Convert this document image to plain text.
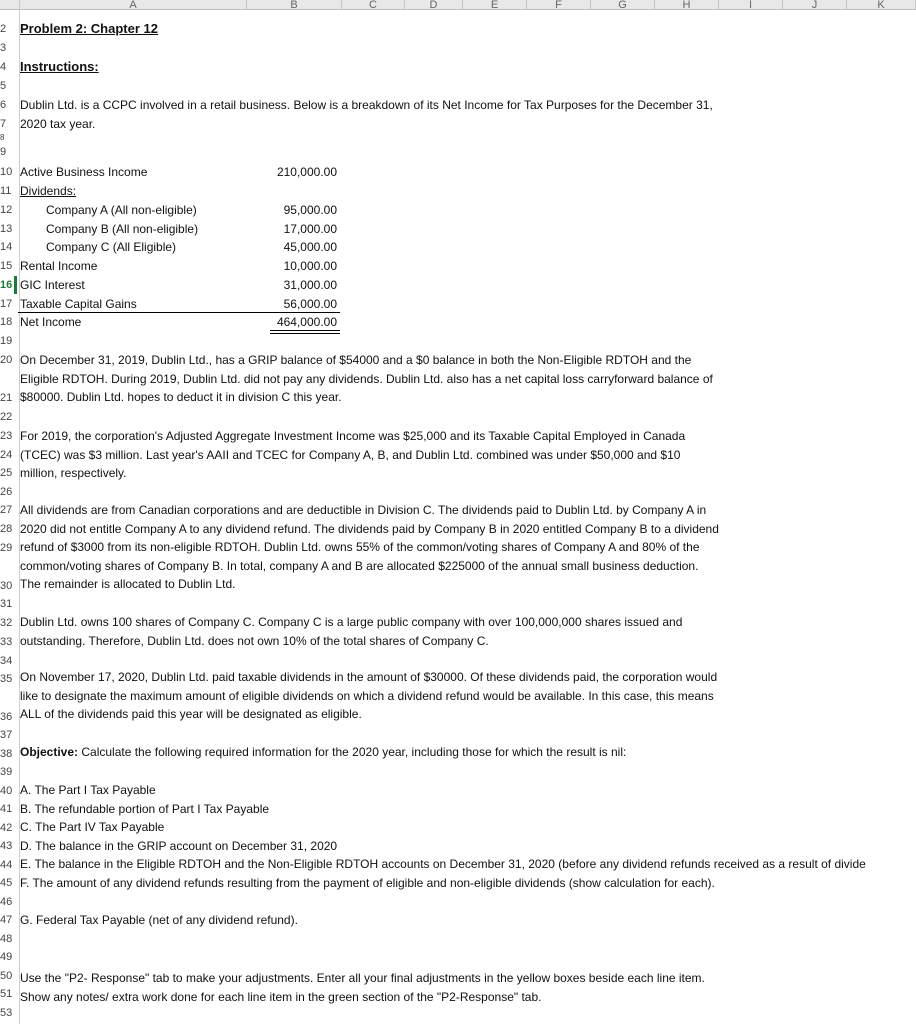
A	B	C	D	E	F	G	H	I	J	K
2
3
4
5
6
7
8
9
10
11
12
13
14
15
16
17
18
19
20
21
22
23
24
25
26
27
28
29
30
31
32
33
34
35
36
37
38
39
40
41
42
43
44
45
46
47
48
49
50
51
53
Problem 2: Chapter 12
Instructions:
Dublin Ltd. is a CCPC involved in a retail business. Below is a breakdown of its Net Income for Tax Purposes for the December 31, 2020 tax year.
Active Business Income	210,000.00
Dividends:
Company A (All non-eligible)	95,000.00
Company B (All non-eligible)	17,000.00
Company C (All Eligible)	45,000.00
Rental Income	10,000.00
GIC Interest	31,000.00
Taxable Capital Gains	56,000.00
Net Income	464,000.00
On December 31, 2019, Dublin Ltd., has a GRIP balance of $54000 and a $0 balance in both the Non-Eligible RDTOH and the Eligible RDTOH. During 2019, Dublin Ltd. did not pay any dividends. Dublin Ltd. also has a net capital loss carryforward balance of $80000. Dublin Ltd. hopes to deduct it in division C this year.
For 2019, the corporation's Adjusted Aggregate Investment Income was $25,000 and its Taxable Capital Employed in Canada (TCEC) was $3 million. Last year's AAII and TCEC for Company A, B, and Dublin Ltd. combined was under $50,000 and $10 million, respectively.
All dividends are from Canadian corporations and are deductible in Division C. The dividends paid to Dublin Ltd. by Company A in 2020 did not entitle Company A to any dividend refund. The dividends paid by Company B in 2020 entitled Company B to a dividend refund of $3000 from its non-eligible RDTOH. Dublin Ltd. owns 55% of the common/voting shares of Company A and 80% of the common/voting shares of Company B. In total, company A and B are allocated $225000 of the annual small business deduction. The remainder is allocated to Dublin Ltd.
Dublin Ltd. owns 100 shares of Company C. Company C is a large public company with over 100,000,000 shares issued and outstanding. Therefore, Dublin Ltd. does not own 10% of the total shares of Company C.
On November 17, 2020, Dublin Ltd. paid taxable dividends in the amount of $30000. Of these dividends paid, the corporation would like to designate the maximum amount of eligible dividends on which a dividend refund would be available. In this case, this means ALL of the dividends paid this year will be designated as eligible.
Objective: Calculate the following required information for the 2020 year, including those for which the result is nil:
A. The Part I Tax Payable
B. The refundable portion of Part I Tax Payable
C. The Part IV Tax Payable
D. The balance in the GRIP account on December 31, 2020
E. The balance in the Eligible RDTOH and the Non-Eligible RDTOH accounts on December 31, 2020 (before any dividend refunds received as a result of divide
F. The amount of any dividend refunds resulting from the payment of eligible and non-eligible dividends (show calculation for each).
G. Federal Tax Payable (net of any dividend refund).
Use the "P2- Response" tab to make your adjustments. Enter all your final adjustments in the yellow boxes beside each line item. Show any notes/ extra work done for each line item in the green section of the "P2-Response" tab.
